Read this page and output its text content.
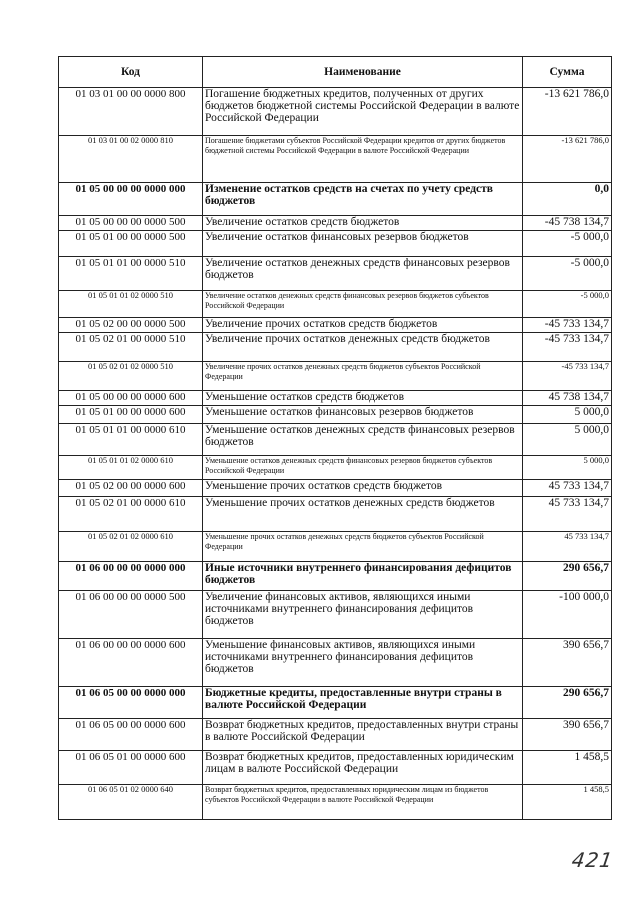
Код	Наименование	Сумма
01 03 01 00 00 0000 800	Погашение бюджетных кредитов, полученных от других бюджетов бюджетной системы Российской Федерации в валюте Российской Федерации	-13 621 786,0
01 03 01 00 02 0000 810	Погашение бюджетами субъектов Российской Федерации кредитов от других бюджетов бюджетной системы Российской Федерации в валюте Российской Федерации	-13 621 786,0
01 05 00 00 00 0000 000	Изменение остатков средств на счетах по учету средств бюджетов	0,0
01 05 00 00 00 0000 500	Увеличение остатков средств бюджетов	-45 738 134,7
01 05 01 00 00 0000 500	Увеличение остатков финансовых резервов бюджетов	-5 000,0
01 05 01 01 00 0000 510	Увеличение остатков денежных средств финансовых резервов бюджетов	-5 000,0
01 05 01 01 02 0000 510	Увеличение остатков денежных средств финансовых резервов бюджетов субъектов Российской Федерации	-5 000,0
01 05 02 00 00 0000 500	Увеличение прочих остатков средств бюджетов	-45 733 134,7
01 05 02 01 00 0000 510	Увеличение прочих остатков денежных средств бюджетов	-45 733 134,7
01 05 02 01 02 0000 510	Увеличение прочих остатков денежных средств бюджетов субъектов Российской Федерации	-45 733 134,7
01 05 00 00 00 0000 600	Уменьшение остатков средств бюджетов	45 738 134,7
01 05 01 00 00 0000 600	Уменьшение остатков финансовых резервов бюджетов	5 000,0
01 05 01 01 00 0000 610	Уменьшение остатков денежных средств финансовых резервов бюджетов	5 000,0
01 05 01 01 02 0000 610	Уменьшение остатков денежных средств финансовых резервов бюджетов субъектов Российской Федерации	5 000,0
01 05 02 00 00 0000 600	Уменьшение прочих остатков средств бюджетов	45 733 134,7
01 05 02 01 00 0000 610	Уменьшение прочих остатков денежных средств бюджетов	45 733 134,7
01 05 02 01 02 0000 610	Уменьшение прочих остатков денежных средств бюджетов субъектов Российской Федерации	45 733 134,7
01 06 00 00 00 0000 000	Иные источники внутреннего финансирования дефицитов бюджетов	290 656,7
01 06 00 00 00 0000 500	Увеличение финансовых активов, являющихся иными источниками внутреннего финансирования дефицитов бюджетов	-100 000,0
01 06 00 00 00 0000 600	Уменьшение финансовых активов, являющихся иными источниками внутреннего финансирования дефицитов бюджетов	390 656,7
01 06 05 00 00 0000 000	Бюджетные кредиты, предоставленные внутри страны в валюте Российской Федерации	290 656,7
01 06 05 00 00 0000 600	Возврат бюджетных кредитов, предоставленных внутри страны в валюте Российской Федерации	390 656,7
01 06 05 01 00 0000 600	Возврат бюджетных кредитов, предоставленных юридическим лицам в валюте Российской Федерации	1 458,5
01 06 05 01 02 0000 640	Возврат бюджетных кредитов, предоставленных юридическим лицам из бюджетов субъектов Российской Федерации в валюте Российской Федерации	1 458,5
421
